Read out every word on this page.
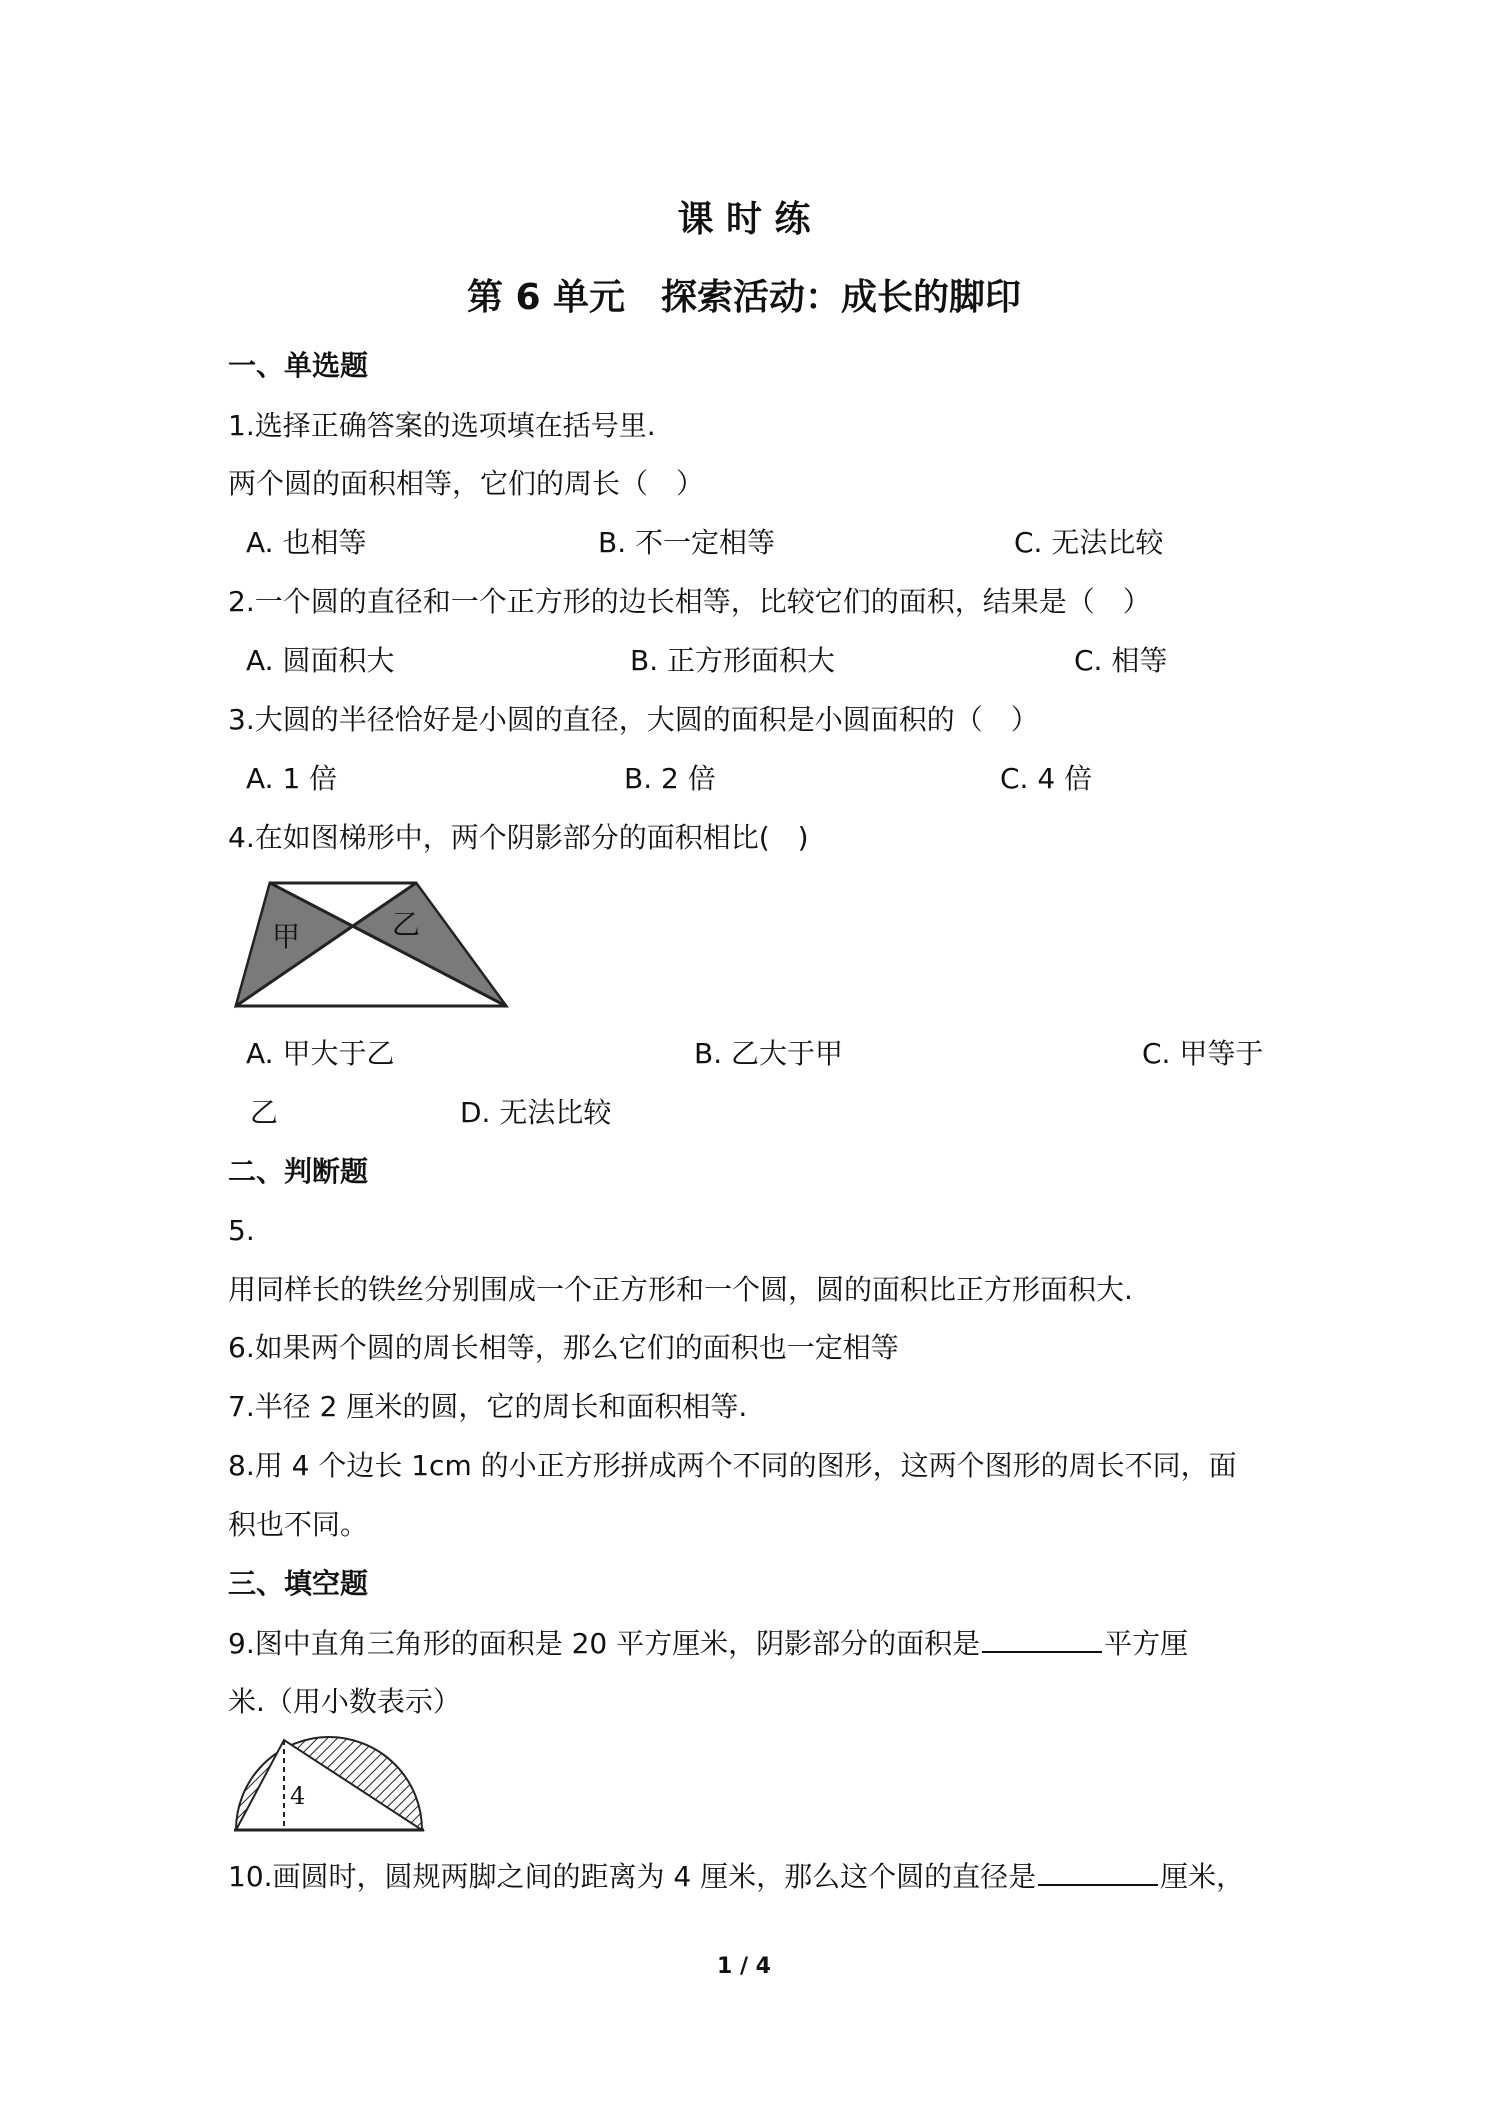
课 时 练
第 6 单元　探索活动：成长的脚印
一、单选题
1.选择正确答案的选项填在括号里.
两个圆的面积相等，它们的周长（　）
A. 也相等	B. 不一定相等	C. 无法比较
2.一个圆的直径和一个正方形的边长相等，比较它们的面积，结果是（　）
A. 圆面积大	B. 正方形面积大	C. 相等
3.大圆的半径恰好是小圆的直径，大圆的面积是小圆面积的（　）
A. 1 倍	B. 2 倍	C. 4 倍
4.在如图梯形中，两个阴影部分的面积相比(　)
甲	乙
A. 甲大于乙	B. 乙大于甲	C. 甲等于
乙	D. 无法比较
二、判断题
5.
用同样长的铁丝分别围成一个正方形和一个圆，圆的面积比正方形面积大.
6.如果两个圆的周长相等，那么它们的面积也一定相等
7.半径 2 厘米的圆，它的周长和面积相等.
8.用 4 个边长 1cm 的小正方形拼成两个不同的图形，这两个图形的周长不同，面
积也不同。
三、填空题
9.图中直角三角形的面积是 20 平方厘米，阴影部分的面积是	平方厘
米.（用小数表示）
4
10.画圆时，圆规两脚之间的距离为 4 厘米，那么这个圆的直径是	厘米，
1 / 4
